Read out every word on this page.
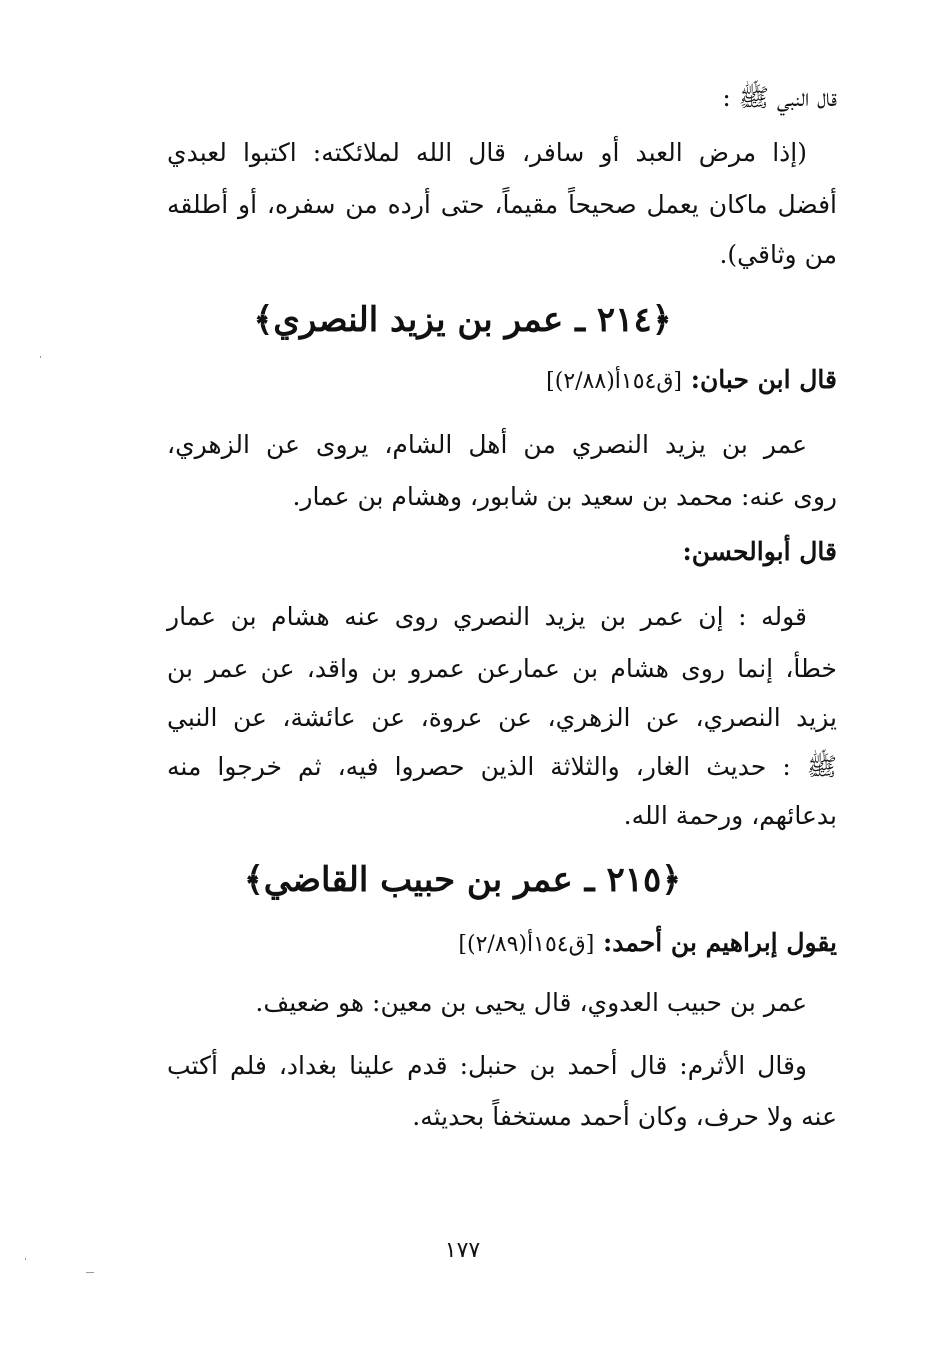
قال النبي ﷺ :
(إذا مرض العبد أو سافر، قال الله لملائكته: اكتبوا لعبدي
أفضل ماكان يعمل صحيحاً مقيماً، حتى أرده من سفره، أو أطلقه
من وثاقي).
﴿٢١٤ ـ عمر بن يزيد النصري﴾
قال ابن حبان: [ق١٥٤أ(٢/٨٨)]
عمر بن يزيد النصري من أهل الشام، يروى عن الزهري،
روى عنه: محمد بن سعيد بن شابور، وهشام بن عمار.
قال أبوالحسن:
قوله : إن عمر بن يزيد النصري روى عنه هشام بن عمار
خطأ، إنما روى هشام بن عمارعن عمرو بن واقد، عن عمر بن
يزيد النصري، عن الزهري، عن عروة، عن عائشة، عن النبي
ﷺ : حديث الغار، والثلاثة الذين حصروا فيه، ثم خرجوا منه
بدعائهم، ورحمة الله.
﴿٢١٥ ـ عمر بن حبيب القاضي﴾
يقول إبراهيم بن أحمد: [ق١٥٤أ(٢/٨٩)]
عمر بن حبيب العدوي، قال يحيى بن معين: هو ضعيف.
وقال الأثرم: قال أحمد بن حنبل: قدم علينا بغداد، فلم أكتب
عنه ولا حرف، وكان أحمد مستخفاً بحديثه.
١٧٧
